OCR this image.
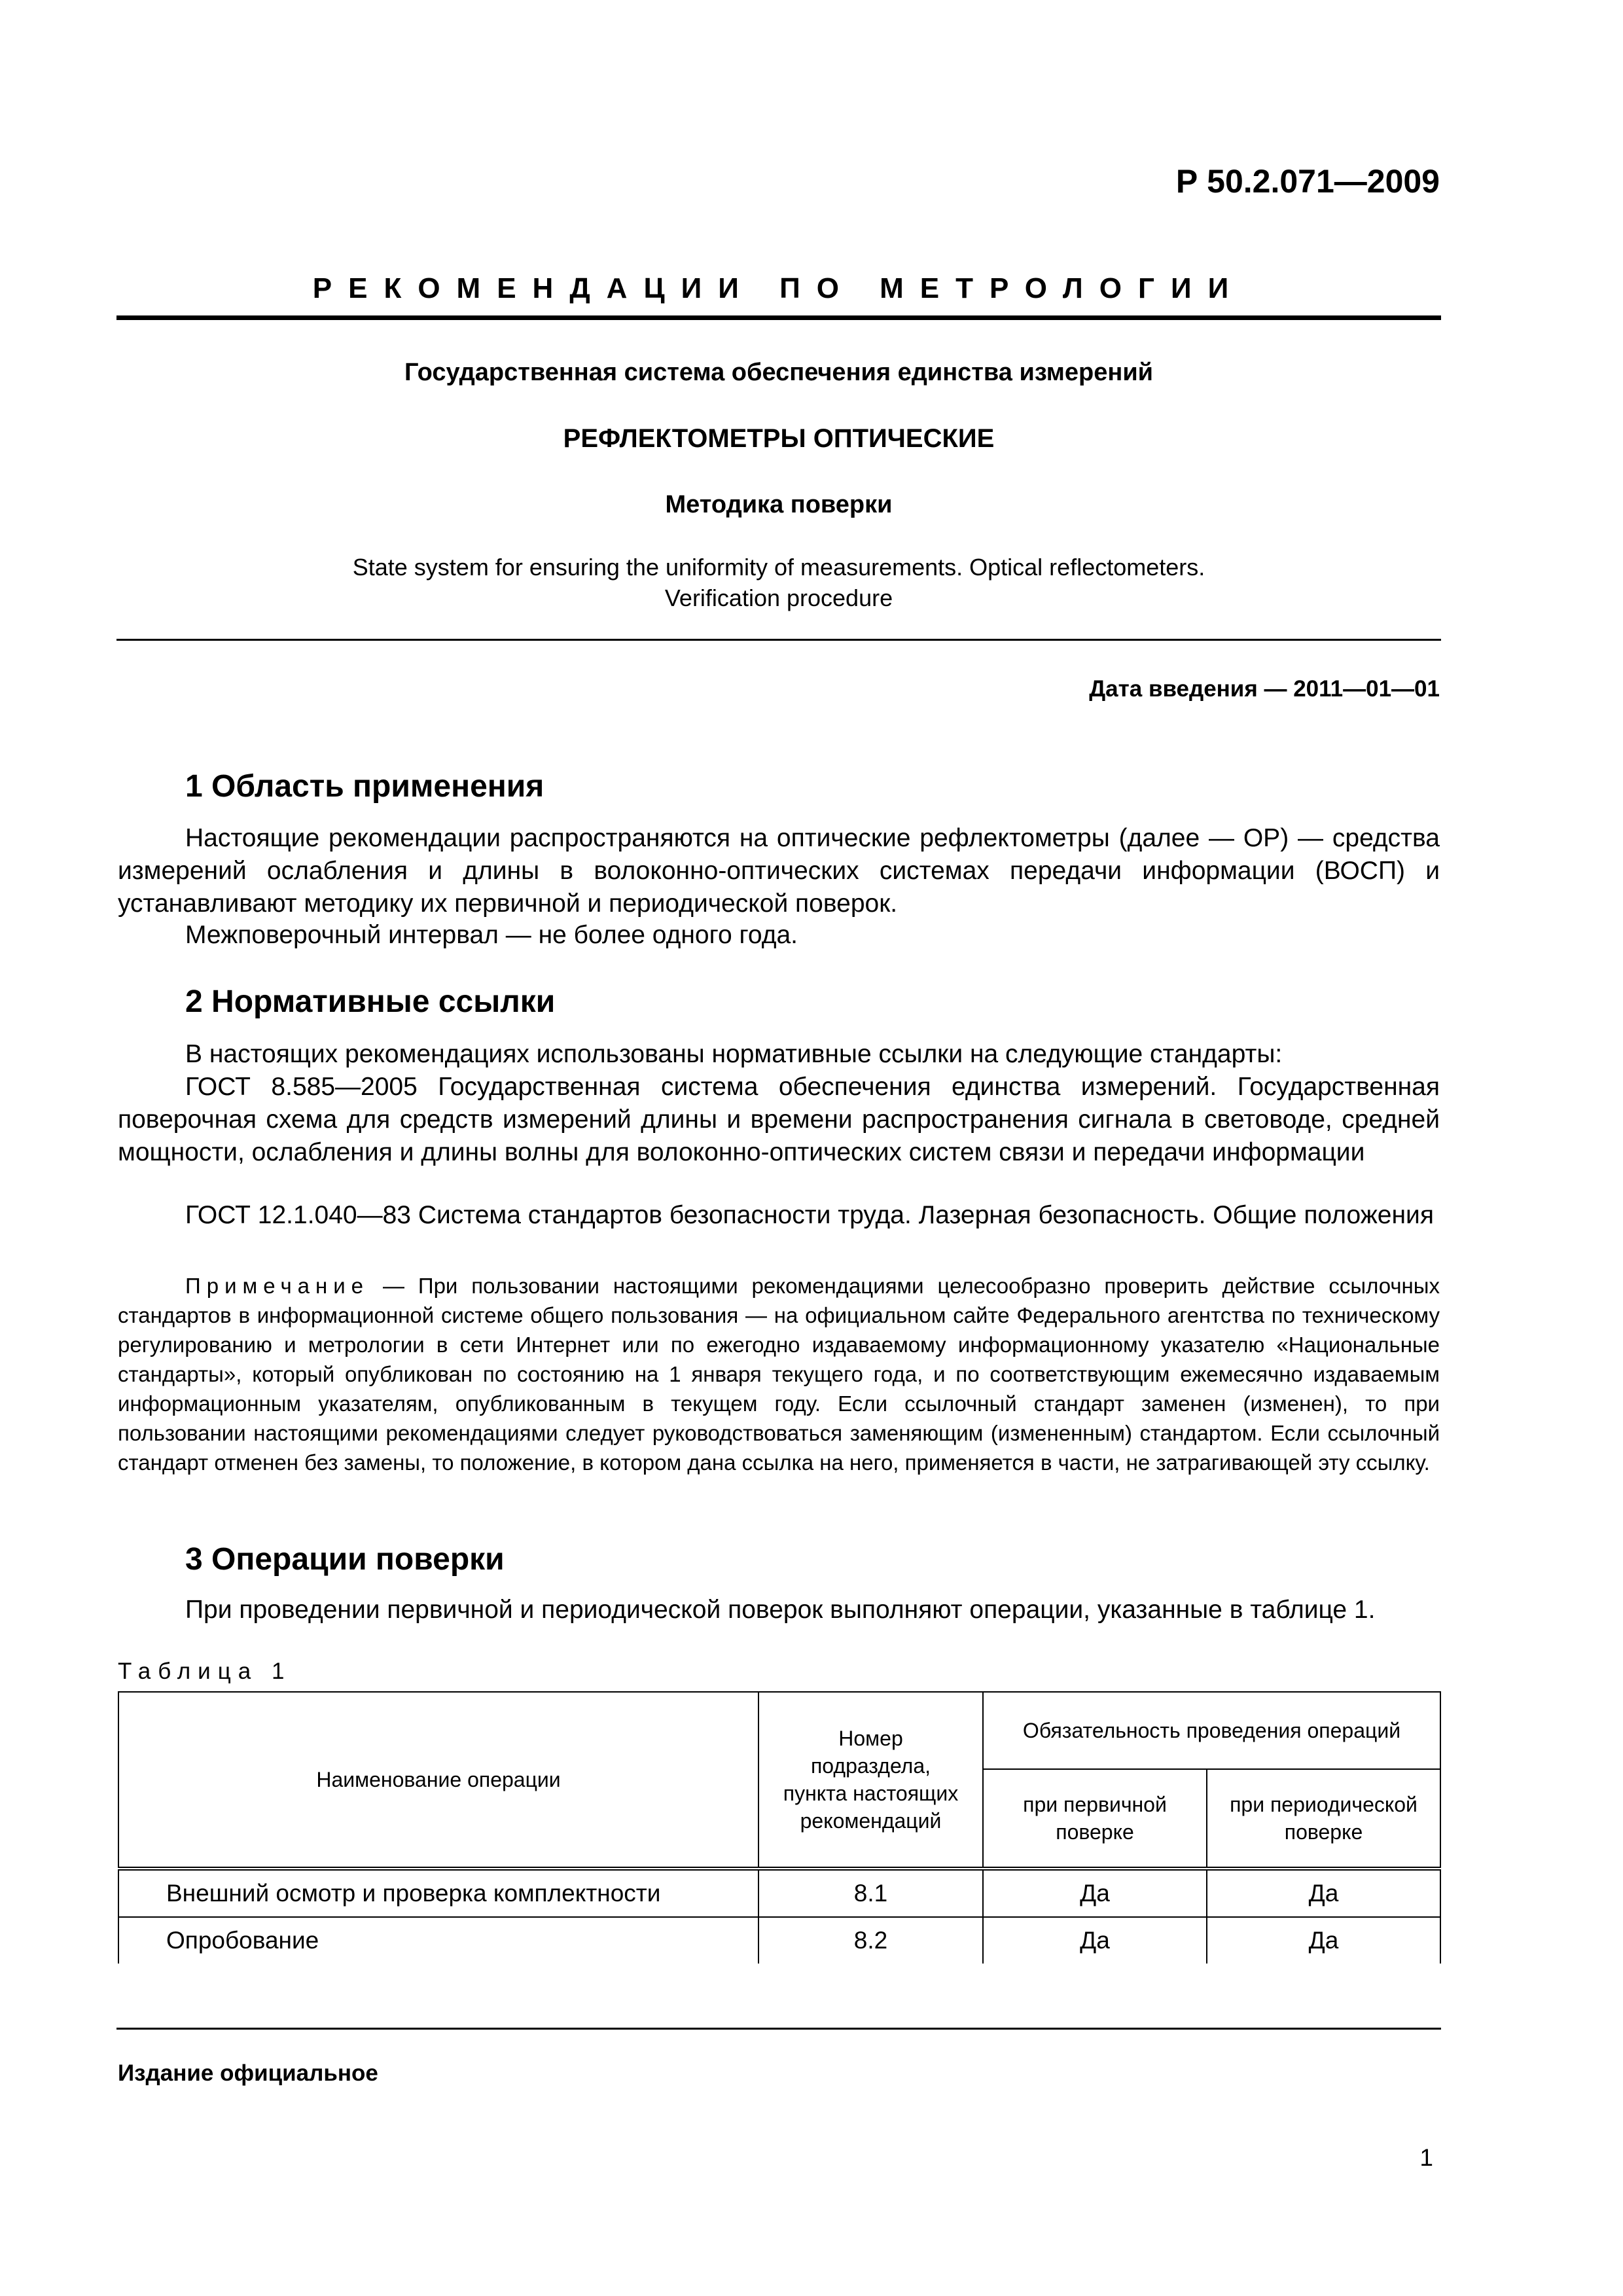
Р 50.2.071—2009
РЕКОМЕНДАЦИИ ПО МЕТРОЛОГИИ
Государственная система обеспечения единства измерений
РЕФЛЕКТОМЕТРЫ ОПТИЧЕСКИЕ
Методика поверки
State system for ensuring the uniformity of measurements. Optical reflectometers.
Verification procedure
Дата введения — 2011—01—01
1 Область применения

Настоящие рекомендации распространяются на оптические рефлектометры (далее — ОР) — средства измерений ослабления и длины в волоконно-оптических системах передачи информации (ВОСП) и устанавливают методику их первичной и периодической поверок.

Межповерочный интервал — не более одного года.

2 Нормативные ссылки

В настоящих рекомендациях использованы нормативные ссылки на следующие стандарты:

ГОСТ 8.585—2005 Государственная система обеспечения единства измерений. Государственная поверочная схема для средств измерений длины и времени распространения сигнала в световоде, средней мощности, ослабления и длины волны для волоконно-оптических систем связи и передачи информации

ГОСТ 12.1.040—83 Система стандартов безопасности труда. Лазерная безопасность. Общие положения

Примечание — При пользовании настоящими рекомендациями целесообразно проверить действие ссылочных стандартов в информационной системе общего пользования — на официальном сайте Федерального агентства по техническому регулированию и метрологии в сети Интернет или по ежегодно издаваемому информационному указателю «Национальные стандарты», который опубликован по состоянию на 1 января текущего года, и по соответствующим ежемесячно издаваемым информационным указателям, опубликованным в текущем году. Если ссылочный стандарт заменен (изменен), то при пользовании настоящими рекомендациями следует руководствоваться заменяющим (измененным) стандартом. Если ссылочный стандарт отменен без замены, то положение, в котором дана ссылка на него, применяется в части, не затрагивающей эту ссылку.

3 Операции поверки

При проведении первичной и периодической поверок выполняют операции, указанные в таблице 1.

Таблица 1
Наименование операции	Номер подраздела, пункта настоящих рекомендаций	Обязательность проведения операций	
		при первичной поверке	при периодической поверке
Внешний осмотр и проверка комплектности	8.1	Да	Да
Опробование	8.2	Да	Да
Издание официальное
1
